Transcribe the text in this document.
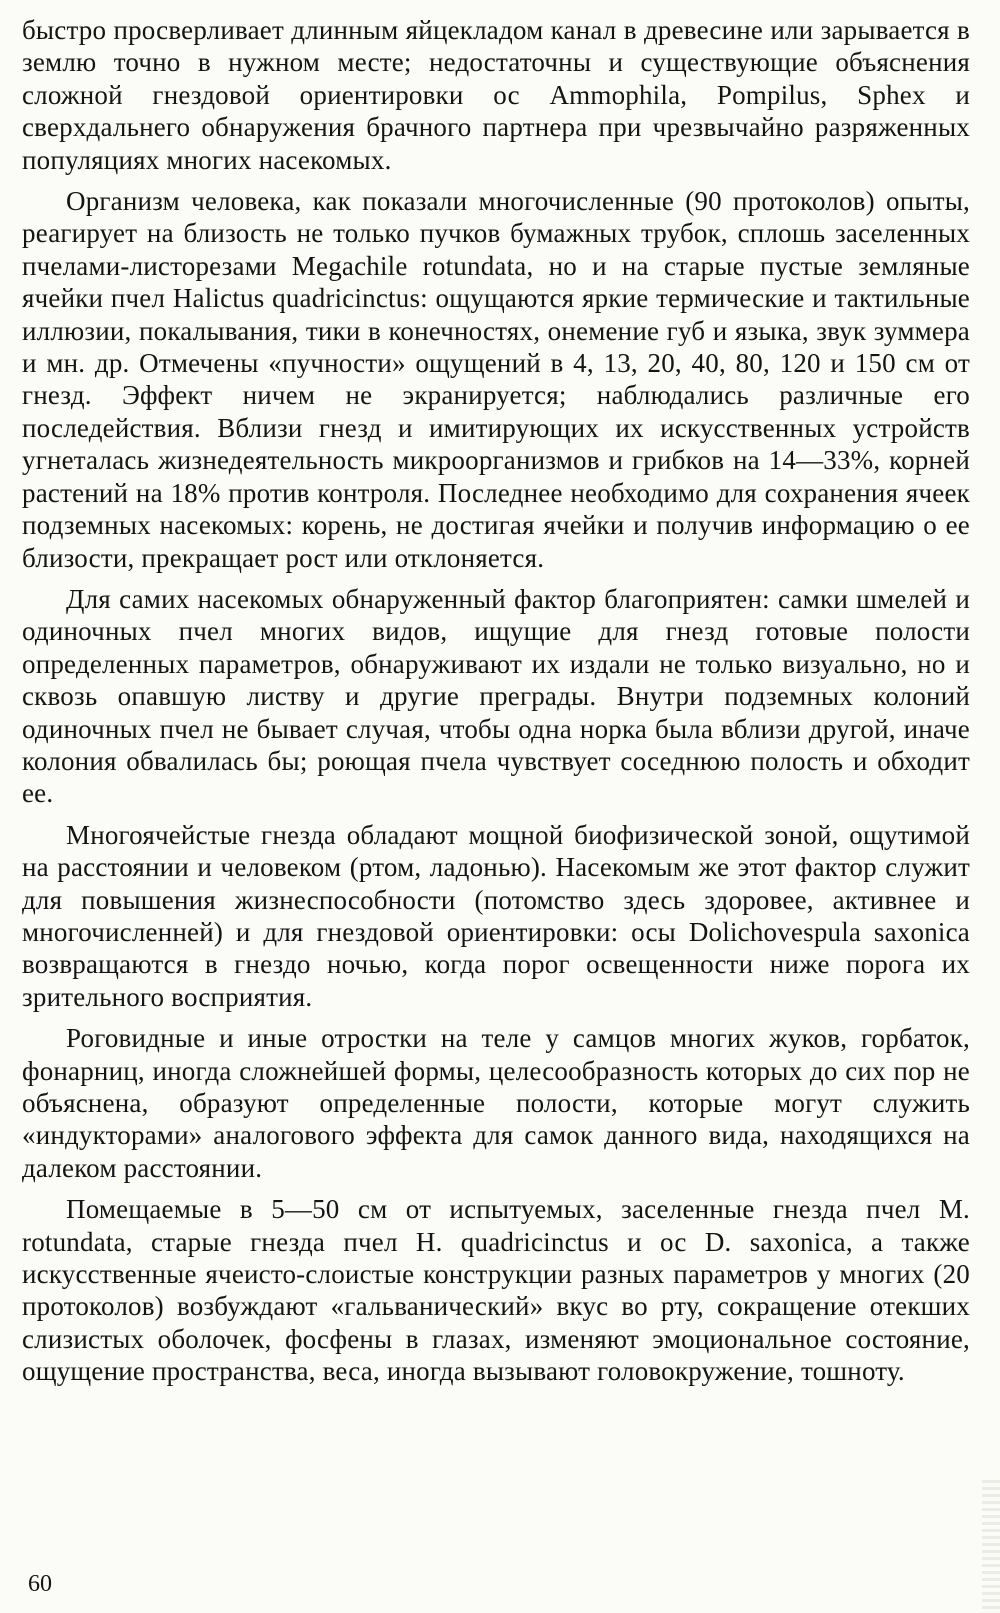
быстро просверливает длинным яйцекладом канал в древесине или зарывается в землю точно в нужном месте; недостаточны и существующие объяснения сложной гнездовой ориентировки ос Ammophila, Pompilus, Sphex и сверхдальнего обнаружения брачного партнера при чрезвычайно разряженных популяциях многих насекомых.

Организм человека, как показали многочисленные (90 протоколов) опыты, реагирует на близость не только пучков бумажных трубок, сплошь заселенных пчелами-листорезами Megachile rotundata, но и на старые пустые земляные ячейки пчел Halictus quadricinctus: ощущаются яркие термические и тактильные иллюзии, покалывания, тики в конечностях, онемение губ и языка, звук зуммера и мн. др. Отмечены «пучности» ощущений в 4, 13, 20, 40, 80, 120 и 150 см от гнезд. Эффект ничем не экранируется; наблюдались различные его последействия. Вблизи гнезд и имитирующих их искусственных устройств угнеталась жизнедеятельность микроорганизмов и грибков на 14—33%, корней растений на 18% против контроля. Последнее необходимо для сохранения ячеек подземных насекомых: корень, не достигая ячейки и получив информацию о ее близости, прекращает рост или отклоняется.

Для самих насекомых обнаруженный фактор благоприятен: самки шмелей и одиночных пчел многих видов, ищущие для гнезд готовые полости определенных параметров, обнаруживают их издали не только визуально, но и сквозь опавшую листву и другие преграды. Внутри подземных колоний одиночных пчел не бывает случая, чтобы одна норка была вблизи другой, иначе колония обвалилась бы; роющая пчела чувствует соседнюю полость и обходит ее.

Многоячейстые гнезда обладают мощной биофизической зоной, ощутимой на расстоянии и человеком (ртом, ладонью). Насекомым же этот фактор служит для повышения жизнеспособности (потомство здесь здоровее, активнее и многочисленней) и для гнездовой ориентировки: осы Dolichovespula saxonica возвращаются в гнездо ночью, когда порог освещенности ниже порога их зрительного восприятия.

Роговидные и иные отростки на теле у самцов многих жуков, горбаток, фонарниц, иногда сложнейшей формы, целесообразность которых до сих пор не объяснена, образуют определенные полости, которые могут служить «индукторами» аналогового эффекта для самок данного вида, находящихся на далеком расстоянии.

Помещаемые в 5—50 см от испытуемых, заселенные гнезда пчел M. rotundata, старые гнезда пчел H. quadricinctus и ос D. saxonica, а также искусственные ячеисто-слоистые конструкции разных параметров у многих (20 протоколов) возбуждают «гальванический» вкус во рту, сокращение отекших слизистых оболочек, фосфены в глазах, изменяют эмоциональное состояние, ощущение пространства, веса, иногда вызывают головокружение, тошноту.

60
